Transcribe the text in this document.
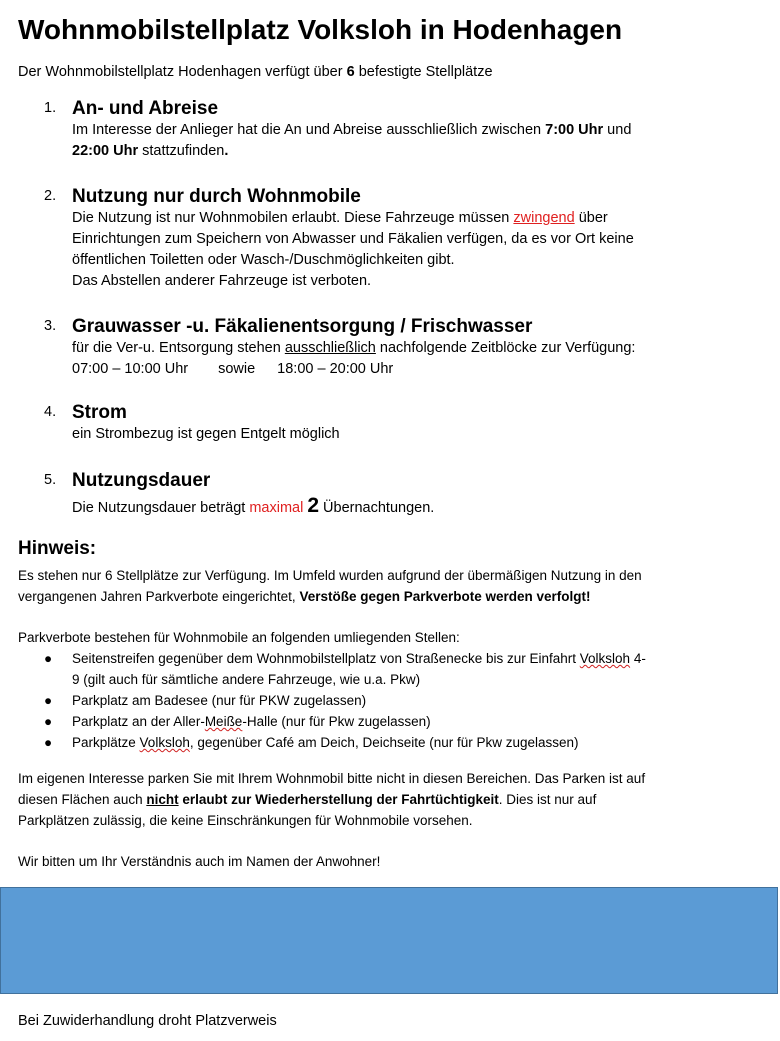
Wohnmobilstellplatz Volksloh in Hodenhagen
Der Wohnmobilstellplatz Hodenhagen verfügt über 6 befestigte Stellplätze
1. An- und Abreise
Im Interesse der Anlieger hat die An und Abreise ausschließlich zwischen 7:00 Uhr und
22:00 Uhr stattzufinden.
2. Nutzung nur durch Wohnmobile
Die Nutzung ist nur Wohnmobilen erlaubt. Diese Fahrzeuge müssen zwingend über
Einrichtungen zum Speichern von Abwasser und Fäkalien verfügen, da es vor Ort keine
öffentlichen Toiletten oder Wasch-/Duschmöglichkeiten gibt.
Das Abstellen anderer Fahrzeuge ist verboten.
3. Grauwasser -u. Fäkalienentsorgung / Frischwasser
für die Ver-u. Entsorgung stehen ausschließlich nachfolgende Zeitblöcke zur Verfügung:
07:00 – 10:00 Uhr sowie 18:00 – 20:00 Uhr
4. Strom
ein Strombezug ist gegen Entgelt möglich
5. Nutzungsdauer
Die Nutzungsdauer beträgt maximal 2 Übernachtungen.
Hinweis:
Es stehen nur 6 Stellplätze zur Verfügung. Im Umfeld wurden aufgrund der übermäßigen Nutzung in den
vergangenen Jahren Parkverbote eingerichtet, Verstöße gegen Parkverbote werden verfolgt!
Parkverbote bestehen für Wohnmobile an folgenden umliegenden Stellen:
● Seitenstreifen gegenüber dem Wohnmobilstellplatz von Straßenecke bis zur Einfahrt Volksloh 4-
9 (gilt auch für sämtliche andere Fahrzeuge, wie u.a. Pkw)
● Parkplatz am Badesee (nur für PKW zugelassen)
● Parkplatz an der Aller-Meiße-Halle (nur für Pkw zugelassen)
● Parkplätze Volksloh, gegenüber Café am Deich, Deichseite (nur für Pkw zugelassen)
Im eigenen Interesse parken Sie mit Ihrem Wohnmobil bitte nicht in diesen Bereichen. Das Parken ist auf
diesen Flächen auch nicht erlaubt zur Wiederherstellung der Fahrtüchtigkeit. Dies ist nur auf
Parkplätzen zulässig, die keine Einschränkungen für Wohnmobile vorsehen.
Wir bitten um Ihr Verständnis auch im Namen der Anwohner!
Bei Zuwiderhandlung droht Platzverweis
